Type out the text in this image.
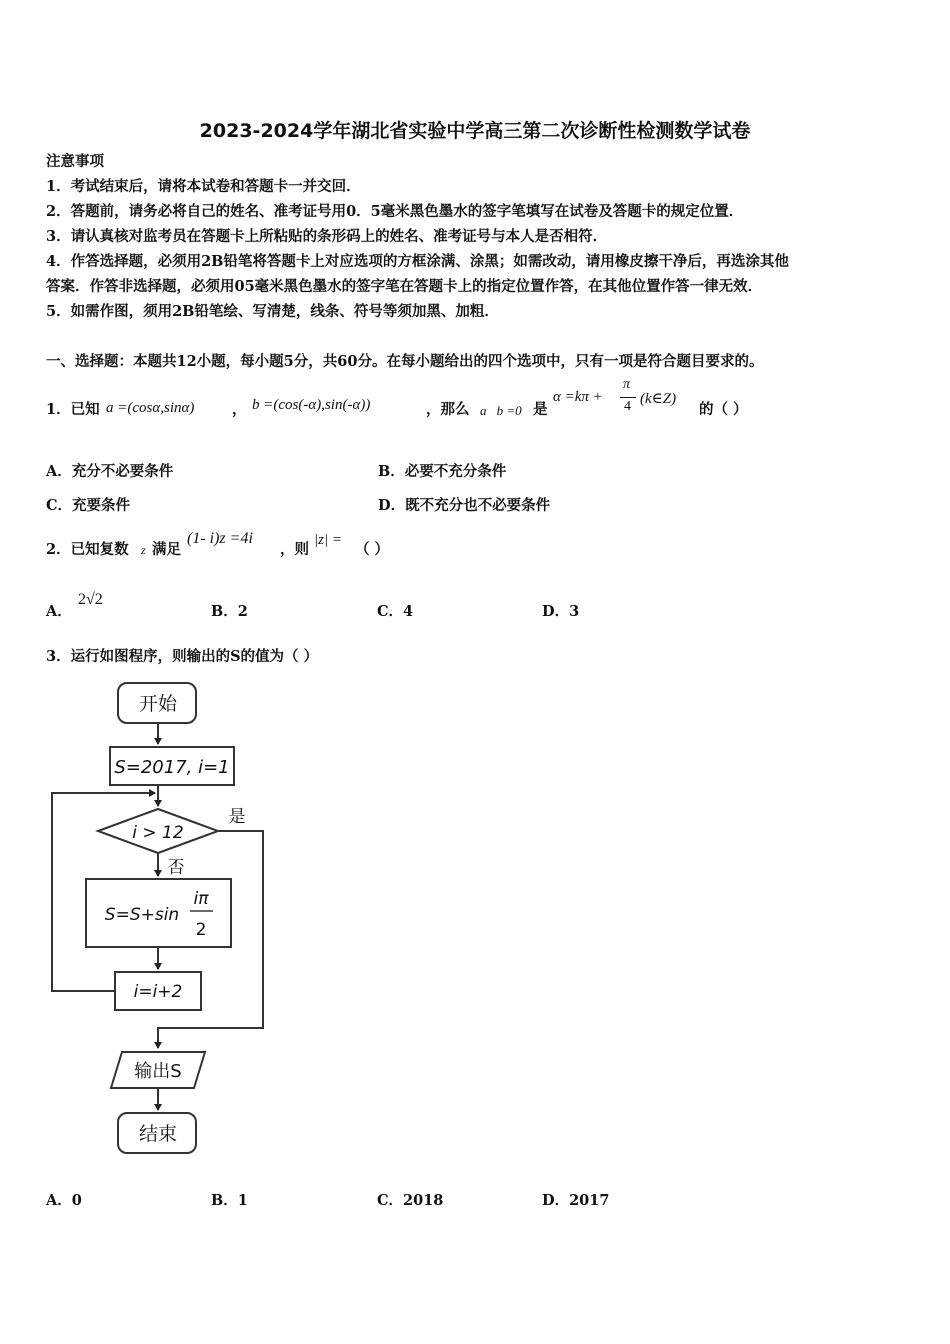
2023-2024学年湖北省实验中学高三第二次诊断性检测数学试卷
注意事项
1．考试结束后，请将本试卷和答题卡一并交回．
2．答题前，请务必将自己的姓名、准考证号用0．5毫米黑色墨水的签字笔填写在试卷及答题卡的规定位置．
3．请认真核对监考员在答题卡上所粘贴的条形码上的姓名、准考证号与本人是否相符．
4．作答选择题，必须用2B铅笔将答题卡上对应选项的方框涂满、涂黑；如需改动，请用橡皮擦干净后，再选涂其他
答案．作答非选择题，必须用05毫米黑色墨水的签字笔在答题卡上的指定位置作答，在其他位置作答一律无效．
5．如需作图，须用2B铅笔绘、写清楚，线条、符号等须加黑、加粗．
一、选择题：本题共12小题，每小题5分，共60分。在每小题给出的四个选项中，只有一项是符合题目要求的。
1．已知 a =(cosα,sinα)	， b =(cos(-α),sin(-α))	，那么 a⃗b =0 是
α =kπ +
π
4 (k∈Z)
的（ ）
A．充分不必要条件	B．必要不充分条件
C．充要条件	D．既不充分也不必要条件
2．已知复数 z 满足
(1- i)z =4i
，则
|z| =
（ ）
A．
2√2
B．2	C．4	D．3
3．运行如图程序，则输出的S的值为（ ）
开始
S=2017, i=1
i > 12
是
否
S=S+sin
iπ
2
i=i+2
输出S
结束
A．0	B．1	C．2018	D．2017
